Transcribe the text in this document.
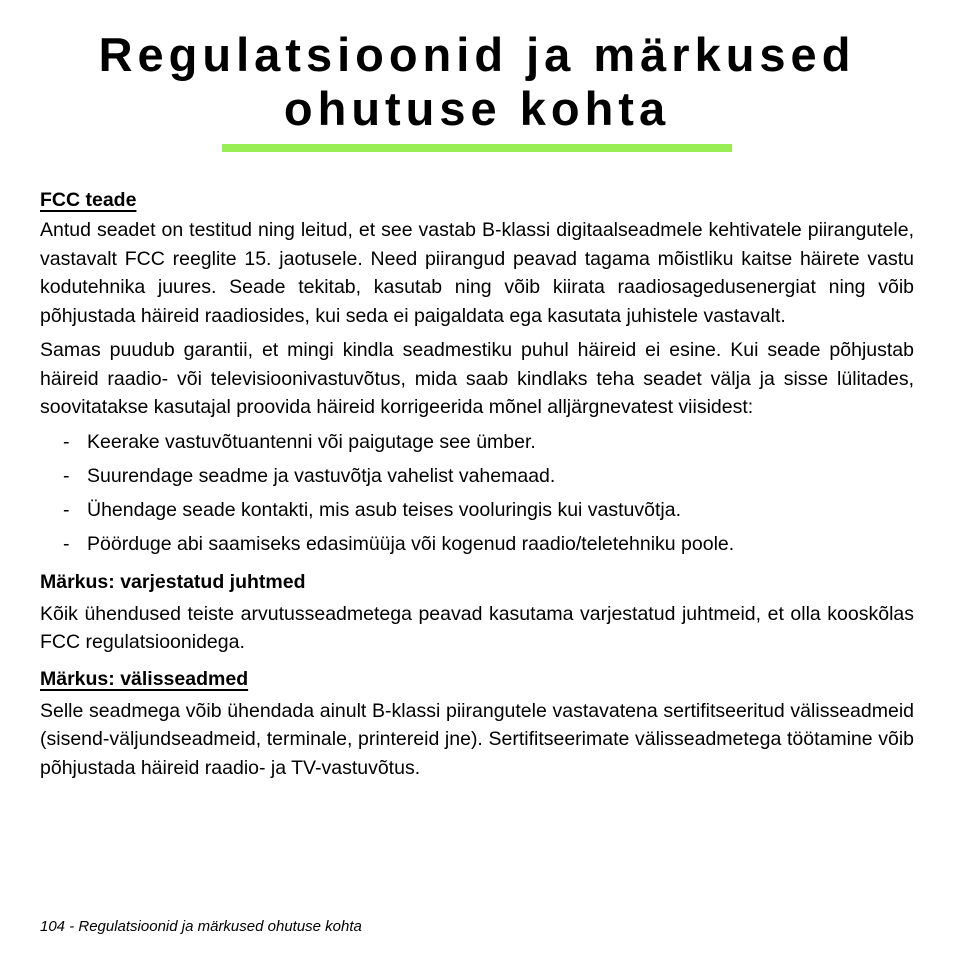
Regulatsioonid ja märkused
ohutuse kohta
FCC teade

Antud seadet on testitud ning leitud, et see vastab B-klassi digitaalseadmele kehtivatele piirangutele, vastavalt FCC reeglite 15. jaotusele. Need piirangud peavad tagama mõistliku kaitse häirete vastu kodutehnika juures. Seade tekitab, kasutab ning võib kiirata raadiosagedusenergiat ning võib põhjustada häireid raadiosides, kui seda ei paigaldata ega kasutata juhistele vastavalt.

Samas puudub garantii, et mingi kindla seadmestiku puhul häireid ei esine. Kui seade põhjustab häireid raadio- või televisioonivastuvõtus, mida saab kindlaks teha seadet välja ja sisse lülitades, soovitatakse kasutajal proovida häireid korrigeerida mõnel alljärgnevatest viisidest:

- Keerake vastuvõtuantenni või paigutage see ümber.
- Suurendage seadme ja vastuvõtja vahelist vahemaad.
- Ühendage seade kontakti, mis asub teises vooluringis kui vastuvõtja.
- Pöörduge abi saamiseks edasimüüja või kogenud raadio/teletehniku poole.
Märkus: varjestatud juhtmed

Kõik ühendused teiste arvutusseadmetega peavad kasutama varjestatud juhtmeid, et olla kooskõlas FCC regulatsioonidega.

Märkus: välisseadmed

Selle seadmega võib ühendada ainult B-klassi piirangutele vastavatena sertifitseeritud välisseadmeid (sisend-väljundseadmeid, terminale, printereid jne). Sertifitseerimate välisseadmetega töötamine võib põhjustada häireid raadio- ja TV-vastuvõtus.

104 - Regulatsioonid ja märkused ohutuse kohta
